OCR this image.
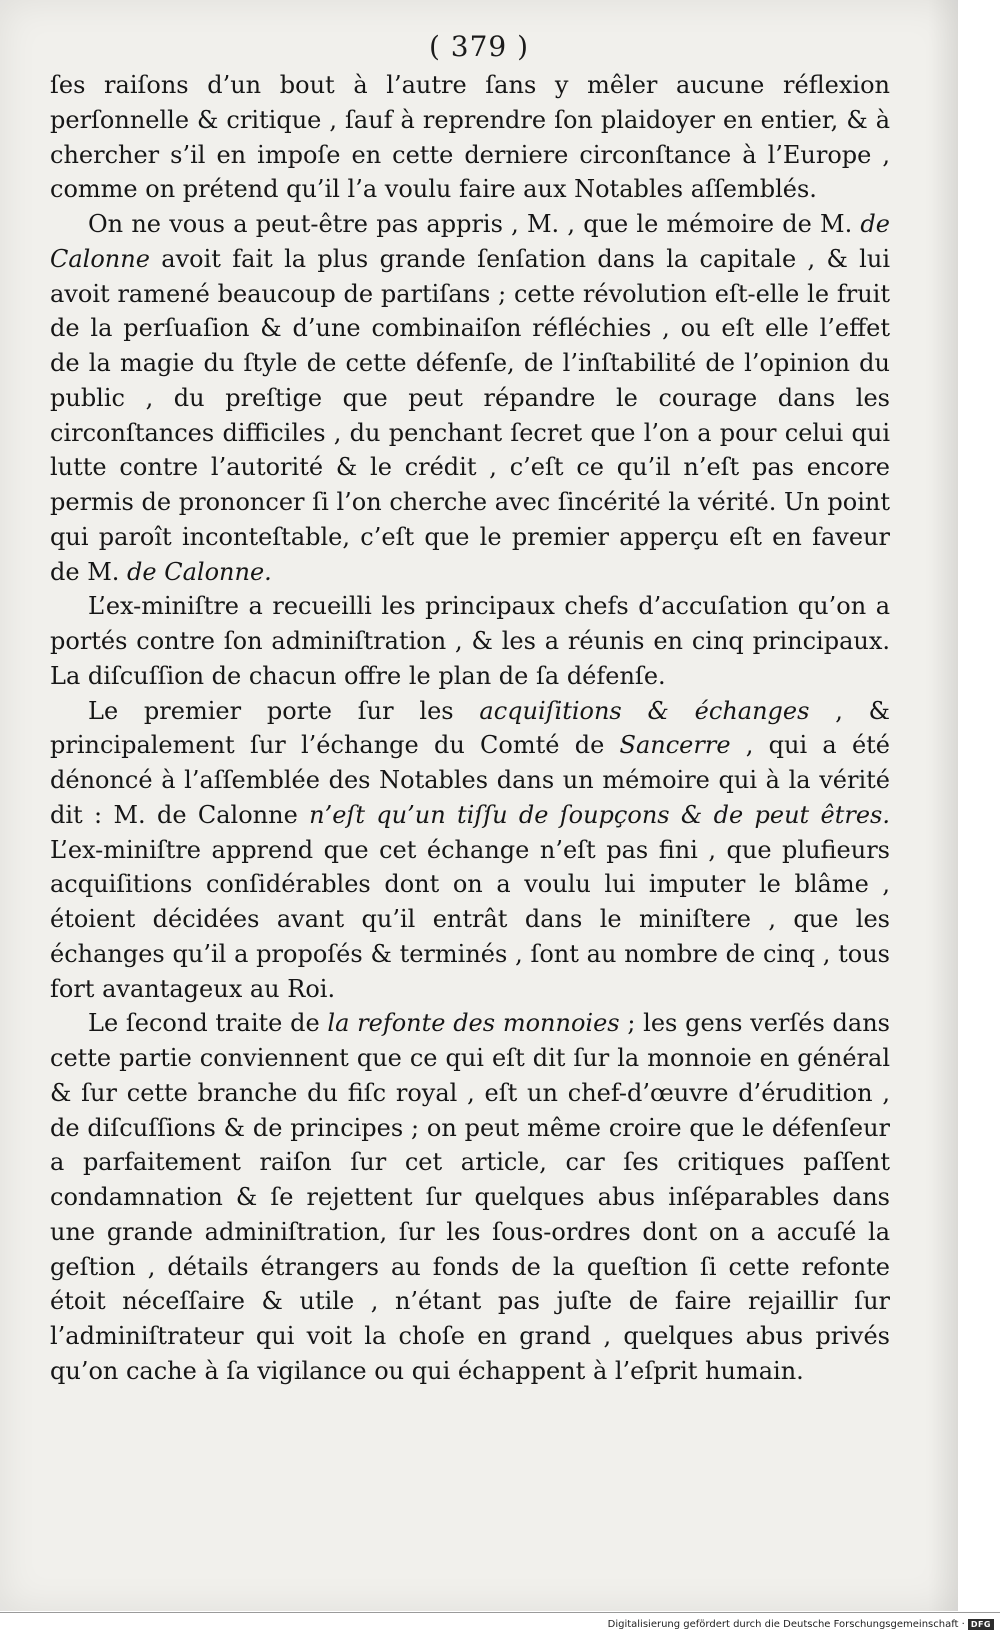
( 379 )

ſes raiſons d’un bout à l’autre ſans y mêler aucune réflexion perſonnelle & critique , ſauf à reprendre ſon plaidoyer en entier, & à chercher s’il en impoſe en cette derniere circonſtance à l’Europe , comme on prétend qu’il l’a voulu faire aux Notables aſſemblés.

On ne vous a peut-être pas appris , M. , que le mémoire de M. de Calonne avoit fait la plus grande ſenſation dans la capitale , & lui avoit ramené beaucoup de partiſans ; cette révolution eſt-elle le fruit de la perſuaſion & d’une combinaiſon réfléchies , ou eſt elle l’effet de la magie du ſtyle de cette défenſe, de l’inſtabilité de l’opinion du public , du preſtige que peut répandre le courage dans les circonſtances difficiles , du penchant ſecret que l’on a pour celui qui lutte contre l’autorité & le crédit , c’eſt ce qu’il n’eſt pas encore permis de prononcer ſi l’on cherche avec ſincérité la vérité. Un point qui paroît inconteſtable, c’eſt que le premier apperçu eſt en faveur de M. de Calonne.

L’ex-miniſtre a recueilli les principaux chefs d’accuſation qu’on a portés contre ſon adminiſtration , & les a réunis en cinq principaux. La diſcuſſion de chacun offre le plan de ſa défenſe.

Le premier porte ſur les acquiſitions & échanges , & principalement ſur l’échange du Comté de Sancerre , qui a été dénoncé à l’aſſemblée des Notables dans un mémoire qui à la vérité dit : M. de Calonne n’eſt qu’un tiſſu de ſoupçons & de peut êtres. L’ex-miniſtre apprend que cet échange n’eſt pas fini , que plufieurs acquiſitions conſidérables dont on a voulu lui imputer le blâme , étoient décidées avant qu’il entrât dans le miniſtere , que les échanges qu’il a propoſés & terminés , ſont au nombre de cinq , tous fort avantageux au Roi.

Le ſecond traite de la refonte des monnoies ; les gens verſés dans cette partie conviennent que ce qui eſt dit ſur la monnoie en général & ſur cette branche du fiſc royal , eſt un chef-d’œuvre d’érudition , de diſcuſſions & de principes ; on peut même croire que le défenſeur a parfaitement raiſon ſur cet article, car ſes critiques paſſent condamnation & ſe rejettent ſur quelques abus inſéparables dans une grande adminiſtration, ſur les ſous-ordres dont on a accuſé la geſtion , détails étrangers au fonds de la queſtion ſi cette refonte étoit néceſſaire & utile , n’étant pas juſte de faire rejaillir ſur l’adminiſtrateur qui voit la choſe en grand , quelques abus privés qu’on cache à ſa vigilance ou qui échappent à l’eſprit humain.

Digitalisierung gefördert durch die Deutsche Forschungsgemeinschaft · DFG
